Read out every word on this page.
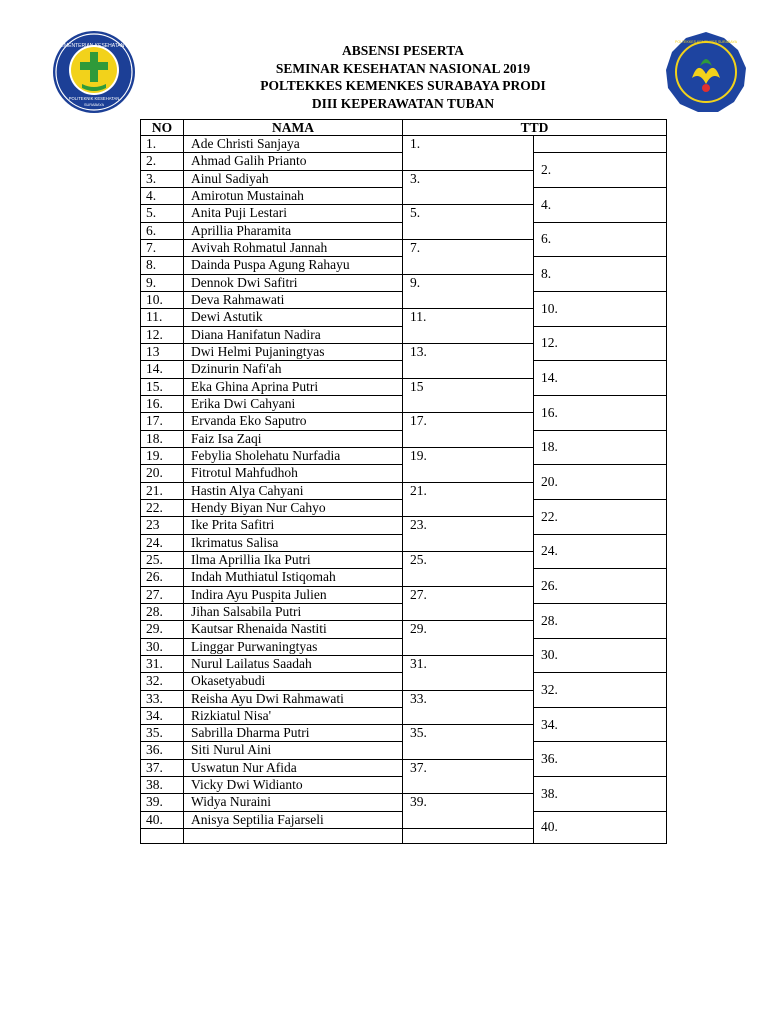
KEMENTERIAN KESEHATAN RI
POLITEKNIK KESEHATAN
SURABAYA
POLTEKKES KEMENKES SURABAYA
ABSENSI PESERTA
SEMINAR KESEHATAN NASIONAL 2019
POLTEKKES KEMENKES SURABAYA PRODI
DIII KEPERAWATAN TUBAN
NO	NAMA	TTD	
1.	Ade Christi Sanjaya	1.	
2.	Ahmad Galih Prianto		2.
3.	Ainul Sadiyah	3.	
4.	Amirotun Mustainah		4.
5.	Anita Puji Lestari	5.	
6.	Aprillia Pharamita		6.
7.	Avivah Rohmatul Jannah	7.	
8.	Dainda Puspa Agung Rahayu		8.
9.	Dennok Dwi Safitri	9.	
10.	Deva Rahmawati		10.
11.	Dewi Astutik	11.	
12.	Diana Hanifatun Nadira		12.
13	Dwi Helmi Pujaningtyas	13.	
14.	Dzinurin Nafi'ah		14.
15.	Eka Ghina Aprina Putri	15	
16.	Erika Dwi Cahyani		16.
17.	Ervanda Eko Saputro	17.	
18.	Faiz Isa Zaqi		18.
19.	Febylia Sholehatu Nurfadia	19.	
20.	Fitrotul Mahfudhoh		20.
21.	Hastin Alya Cahyani	21.	
22.	Hendy Biyan Nur Cahyo		22.
23	Ike Prita Safitri	23.	
24.	Ikrimatus Salisa		24.
25.	Ilma Aprillia Ika Putri	25.	
26.	Indah Muthiatul Istiqomah		26.
27.	Indira Ayu Puspita Julien	27.	
28.	Jihan Salsabila Putri		28.
29.	Kautsar Rhenaida Nastiti	29.	
30.	Linggar Purwaningtyas		30.
31.	Nurul Lailatus Saadah	31.	
32.	Okasetyabudi		32.
33.	Reisha Ayu Dwi Rahmawati	33.	
34.	Rizkiatul Nisa'		34.
35.	Sabrilla Dharma Putri	35.	
36.	Siti Nurul Aini		36.
37.	Uswatun Nur Afida	37.	
38.	Vicky Dwi Widianto		38.
39.	Widya Nuraini	39.	
40.	Anisya Septilia Fajarseli		40.
